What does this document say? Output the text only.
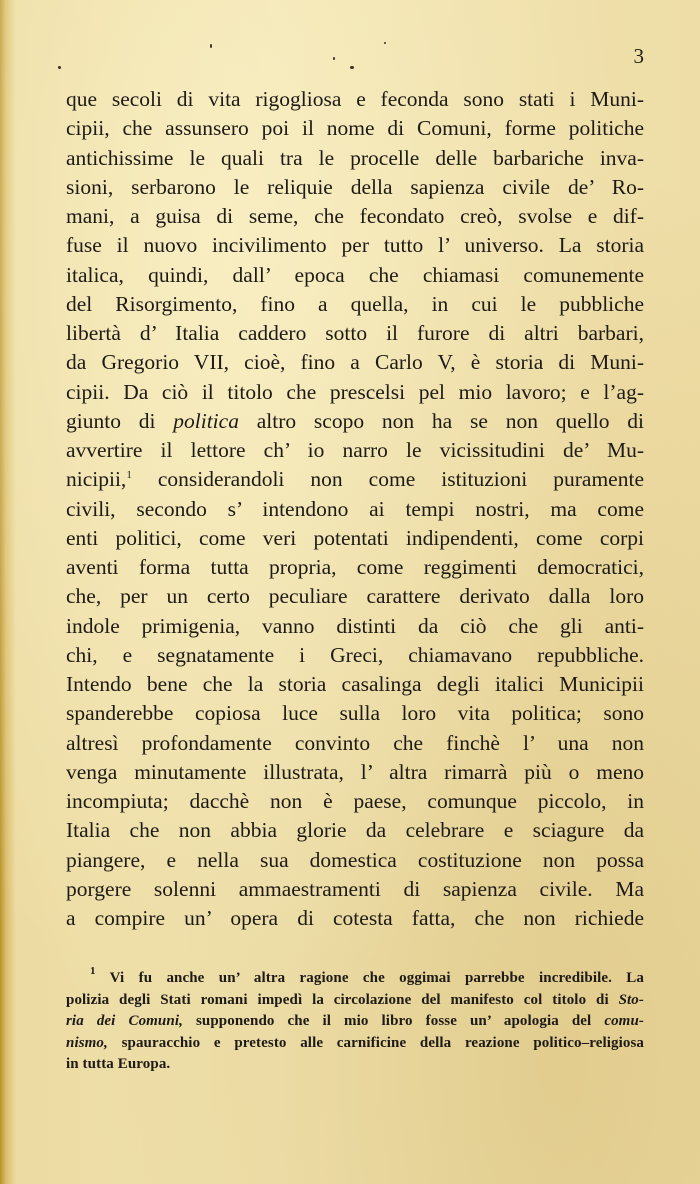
3
que secoli di vita rigogliosa e feconda sono stati i Muni-
cipii, che assunsero poi il nome di Comuni, forme politiche
antichissime le quali tra le procelle delle barbariche inva-
sioni, serbarono le reliquie della sapienza civile de’ Ro-
mani, a guisa di seme, che fecondato creò, svolse e dif-
fuse il nuovo incivilimento per tutto l’ universo. La storia
italica, quindi, dall’ epoca che chiamasi comunemente
del Risorgimento, fino a quella, in cui le pubbliche
libertà d’ Italia caddero sotto il furore di altri barbari,
da Gregorio VII, cioè, fino a Carlo V, è storia di Muni-
cipii. Da ciò il titolo che prescelsi pel mio lavoro; e l’ag-
giunto di politica altro scopo non ha se non quello di
avvertire il lettore ch’ io narro le vicissitudini de’ Mu-
nicipii,$^1$ considerandoli non come istituzioni puramente
civili, secondo s’ intendono ai tempi nostri, ma come
enti politici, come veri potentati indipendenti, come corpi
aventi forma tutta propria, come reggimenti democratici,
che, per un certo peculiare carattere derivato dalla loro
indole primigenia, vanno distinti da ciò che gli anti-
chi, e segnatamente i Greci, chiamavano repubbliche.
Intendo bene che la storia casalinga degli italici Municipii
spanderebbe copiosa luce sulla loro vita politica; sono
altresì profondamente convinto che finchè l’ una non
venga minutamente illustrata, l’ altra rimarrà più o meno
incompiuta; dacchè non è paese, comunque piccolo, in
Italia che non abbia glorie da celebrare e sciagure da
piangere, e nella sua domestica costituzione non possa
porgere solenni ammaestramenti di sapienza civile. Ma
a compire un’ opera di cotesta fatta, che non richiede
$^1$ Vi fu anche un’ altra ragione che oggimai parrebbe incredibile. La
polizia degli Stati romani impedì la circolazione del manifesto col titolo di Sto-
ria dei Comuni, supponendo che il mio libro fosse un’ apologia del comu-
nismo, spauracchio e pretesto alle carnificine della reazione politico–religiosa
in tutta Europa.
